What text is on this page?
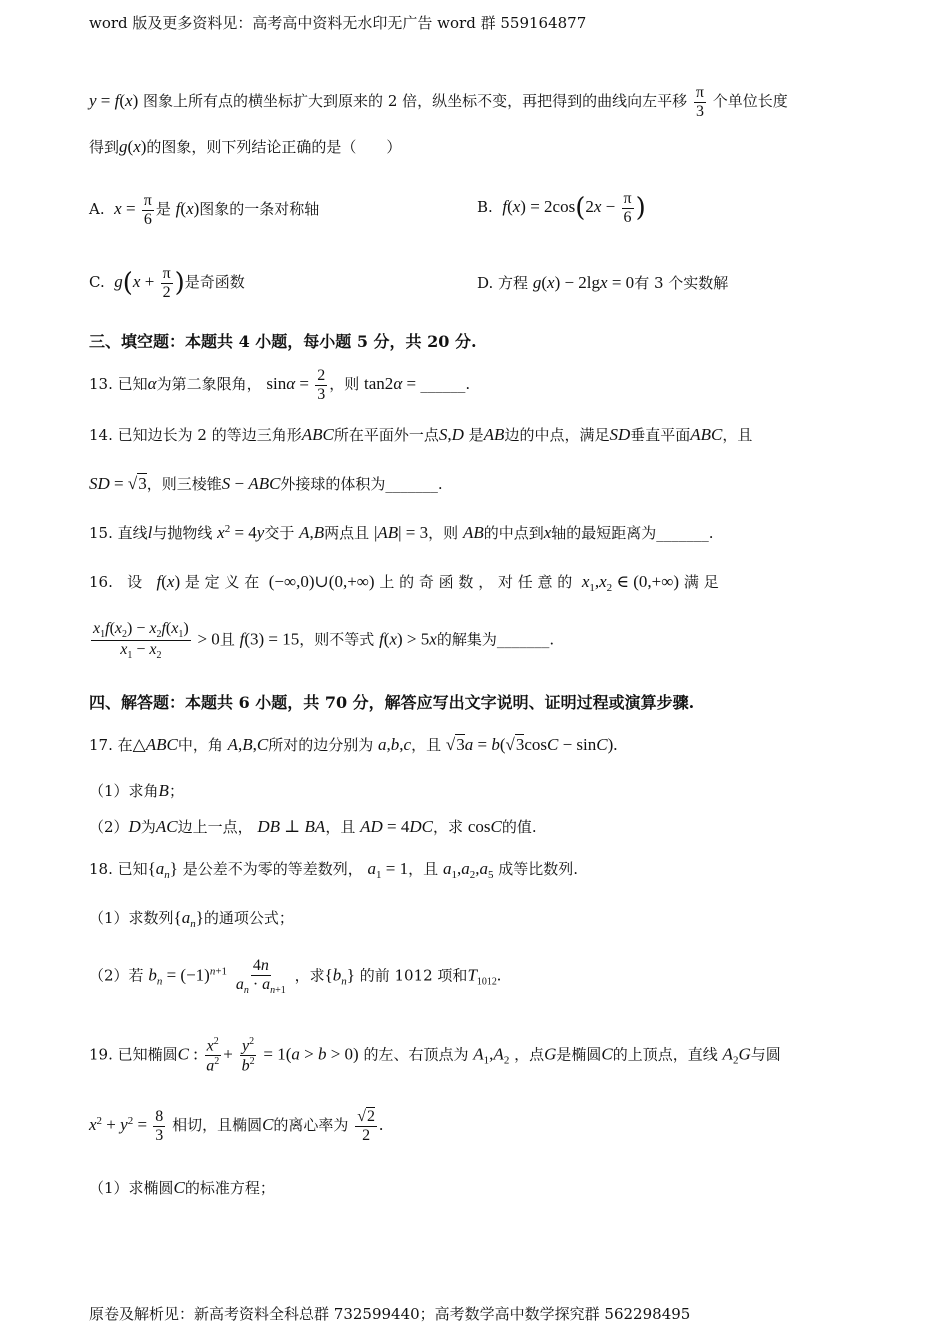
word 版及更多资料见：高考高中资料无水印无广告 word 群 559164877
y = f(x) 图象上所有点的横坐标扩大到原来的 2 倍，纵坐标不变，再把得到的曲线向左平移 $\frac{\pi}{3}$ 个单位长度
得到g(x)的图象，则下列结论正确的是（　　）
A. $x = \frac{\pi}{6}$ 是 f(x)图象的一条对称轴	B. $f(x) = 2\cos(2x - \frac{\pi}{6}$ )
C. $g(x + \frac{\pi}{2}$ )是奇函数	D. 方程 g(x) − 2lgx = 0有 3 个实数解
三、填空题：本题共 4 小题，每小题 5 分，共 20 分.
13. 已知α为第二象限角， $\sin\alpha = \frac{2}{3}$ ，则 tan2α = ______.
14. 已知边长为 2 的等边三角形ABC所在平面外一点S,D 是AB边的中点，满足SD垂直平面ABC，且
SD = √3，则三棱锥S − ABC外接球的体积为_______.
15. 直线l与抛物线 $x^2 = 4y$交于 A,B两点且 |AB| = 3，则 AB的中点到x轴的最短距离为_______.
16. 设 f(x) 是 定 义 在 (−∞,0)∪(0,+∞) 上 的 奇 函 数 ， 对 任 意 的 $x_1,x_2$ ∈ (0,+∞) 满 足
$\frac{x_1f(x_2) - x_2f(x_1)}{x_1 - x_2} > 0$且 f(3) = 15，则不等式 f(x) > 5x的解集为_______.
四、解答题：本题共 6 小题，共 70 分，解答应写出文字说明、证明过程或演算步骤.
17. 在△ABC中，角 A,B,C所对的边分别为 a,b,c，且 √3a = b(√3cosC − sinC).
（1）求角B；
（2）D为AC边上一点， DB ⊥ BA，且 AD = 4DC，求 cosC的值.
18. 已知$\{a_n\}$ 是公差不为零的等差数列， $a_1 = 1$，且 $a_1,a_2,a_5$ 成等比数列.
（1）求数列$\{a_n\}$的通项公式；
（2）若 $b_n = (-1)^{n+1} \frac{4n}{a_n \cdot a_{n+1}}$ ，求$\{b_n\}$ 的前 1012 项和$T_{1012}$.
19. 已知椭圆C : $\frac{x^2}{a^2} + \frac{y^2}{b^2} = 1(a > b > 0)$ 的左、右顶点为 $A_1,A_2$ ，点G是椭圆C的上顶点，直线 $A_2G$与圆
$x^2 + y^2 = \frac{8}{3}$ 相切，且椭圆C的离心率为 $\frac{√2}{2}$ .
（1）求椭圆C的标准方程；
原卷及解析见：新高考资料全科总群 732599440；高考数学高中数学探究群 562298495
